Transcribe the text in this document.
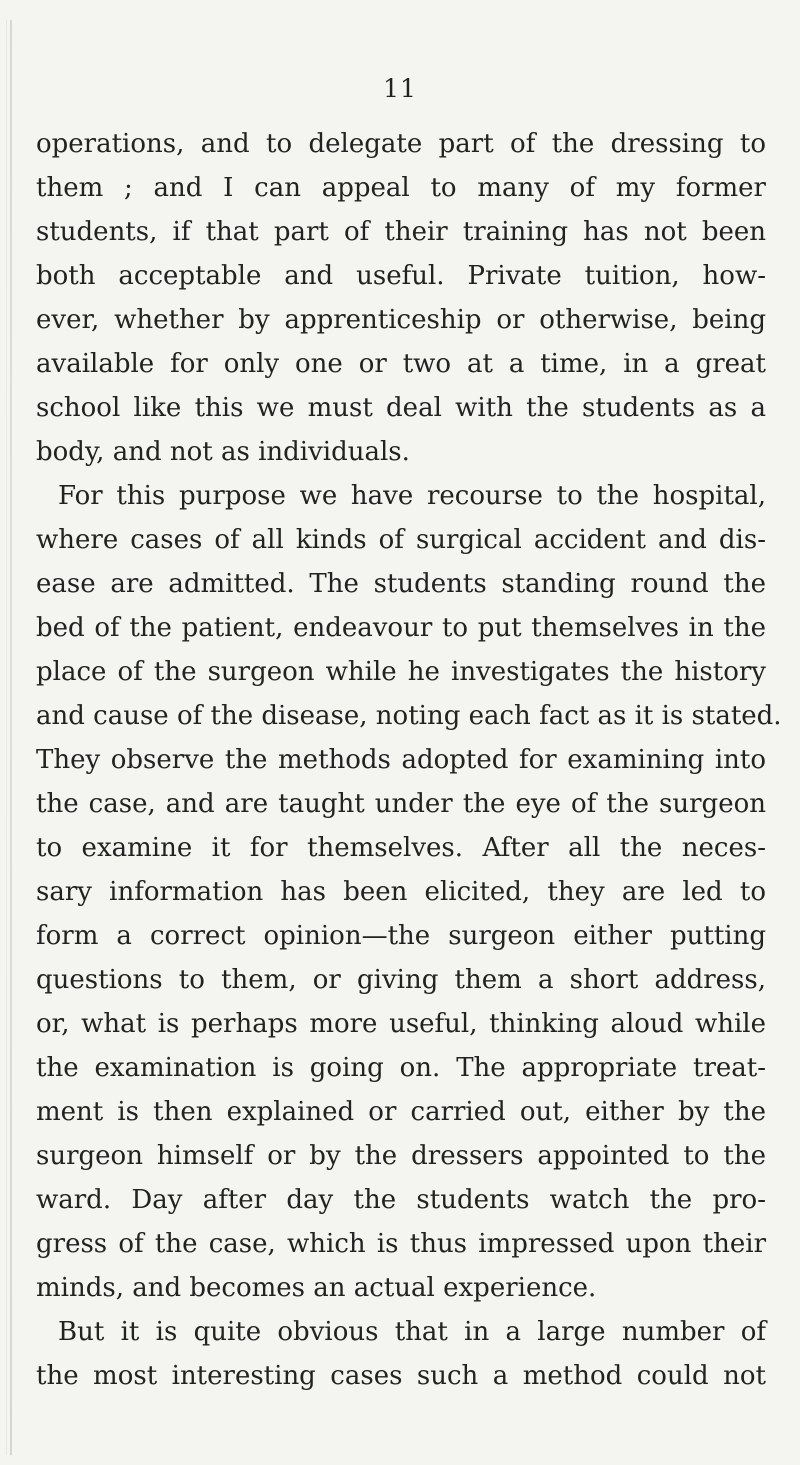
11
operations, and to delegate part of the dressing to
them ; and I can appeal to many of my former
students, if that part of their training has not been
both acceptable and useful. Private tuition, how-
ever, whether by apprenticeship or otherwise, being
available for only one or two at a time, in a great
school like this we must deal with the students as a
body, and not as individuals.
For this purpose we have recourse to the hospital,
where cases of all kinds of surgical accident and dis-
ease are admitted. The students standing round the
bed of the patient, endeavour to put themselves in the
place of the surgeon while he investigates the history
and cause of the disease, noting each fact as it is stated.
They observe the methods adopted for examining into
the case, and are taught under the eye of the surgeon
to examine it for themselves. After all the neces-
sary information has been elicited, they are led to
form a correct opinion—the surgeon either putting
questions to them, or giving them a short address,
or, what is perhaps more useful, thinking aloud while
the examination is going on. The appropriate treat-
ment is then explained or carried out, either by the
surgeon himself or by the dressers appointed to the
ward. Day after day the students watch the pro-
gress of the case, which is thus impressed upon their
minds, and becomes an actual experience.
But it is quite obvious that in a large number of
the most interesting cases such a method could not
